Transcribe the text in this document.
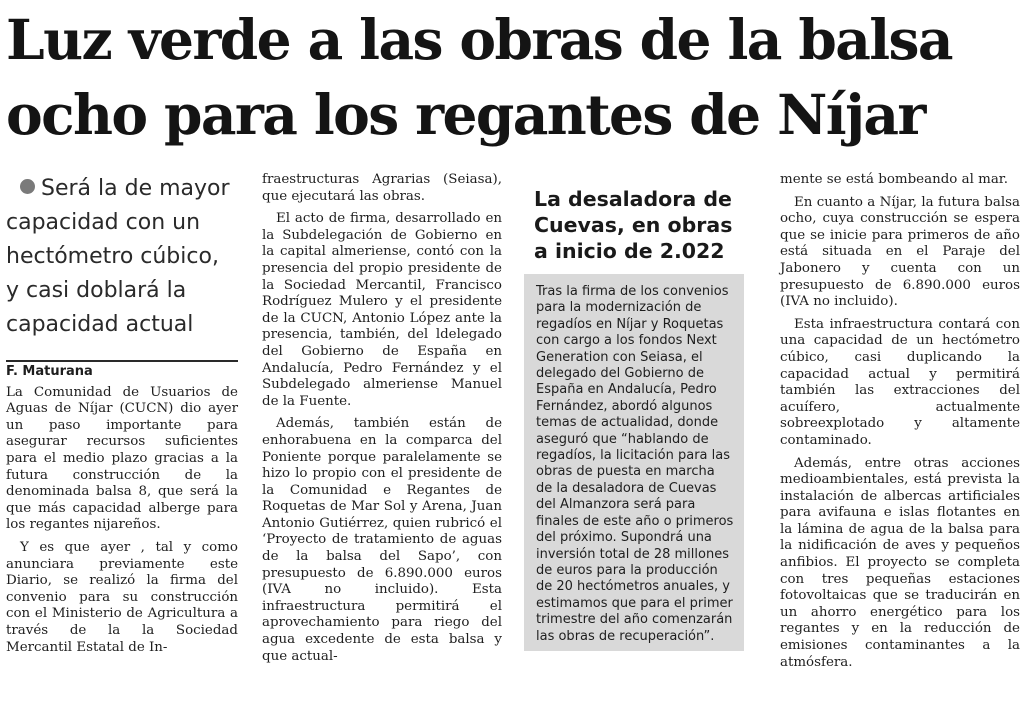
Luz verde a las obras de la balsa
ocho para los regantes de Níjar

Será la de mayor capacidad con un hectómetro cúbico, y casi doblará la capacidad actual

F. Maturana

La Comunidad de Usuarios de Aguas de Níjar (CUCN) dio ayer un paso importante para asegurar recursos suficientes para el medio plazo gracias a la futura construcción de la denominada balsa 8, que será la que más capacidad alberge para los regantes nijareños.

Y es que ayer , tal y como anunciara previamente este Diario, se realizó la firma del convenio para su construcción con el Ministerio de Agricultura a través de la la Sociedad Mercantil Estatal de In-

fraestructuras Agrarias (Seiasa), que ejecutará las obras.

El acto de firma, desarrollado en la Subdelegación de Gobierno en la capital almeriense, contó con la presencia del propio presidente de la Sociedad Mercantil, Francisco Rodríguez Mulero y el presidente de la CUCN, Antonio López ante la presencia, también, del ldelegado del Gobierno de España en Andalucía, Pedro Fernández y el Subdelegado almeriense Manuel de la Fuente.

Además, también están de enhorabuena en la comparca del Poniente porque paralelamente se hizo lo propio con el presidente de la Comunidad e Regantes de Roquetas de Mar Sol y Arena, Juan Antonio Gutiérrez, quien rubricó el ‘Proyecto de tratamiento de aguas de la balsa del Sapo’, con presupuesto de 6.890.000 euros (IVA no incluido). Esta infraestructura permitirá el aprovechamiento para riego del agua excedente de esta balsa y que actual-

La desaladora de Cuevas, en obras a inicio de 2.022
Tras la firma de los convenios para la modernización de regadíos en Níjar y Roquetas con cargo a los fondos Next Generation con Seiasa, el delegado del Gobierno de España en Andalucía, Pedro Fernández, abordó algunos temas de actualidad, donde aseguró que “hablando de regadíos, la licitación para las obras de puesta en marcha de la desaladora de Cuevas del Almanzora será para finales de este año o primeros del próximo. Supondrá una inversión total de 28 millones de euros para la producción de 20 hectómetros anuales, y estimamos que para el primer trimestre del año comenzarán las obras de recuperación”.

mente se está bombeando al mar.

En cuanto a Níjar, la futura balsa ocho, cuya construcción se espera que se inicie para primeros de año está situada en el Paraje del Jabonero y cuenta con un presupuesto de 6.890.000 euros (IVA no incluido).

Esta infraestructura contará con una capacidad de un hectómetro cúbico, casi duplicando la capacidad actual y permitirá también las extracciones del acuífero, actualmente sobreexplotado y altamente contaminado.

Además, entre otras acciones medioambientales, está prevista la instalación de albercas artificiales para avifauna e islas flotantes en la lámina de agua de la balsa para la nidificación de aves y pequeños anfibios. El proyecto se completa con tres pequeñas estaciones fotovoltaicas que se traducirán en un ahorro energético para los regantes y en la reducción de emisiones contaminantes a la atmósfera.
